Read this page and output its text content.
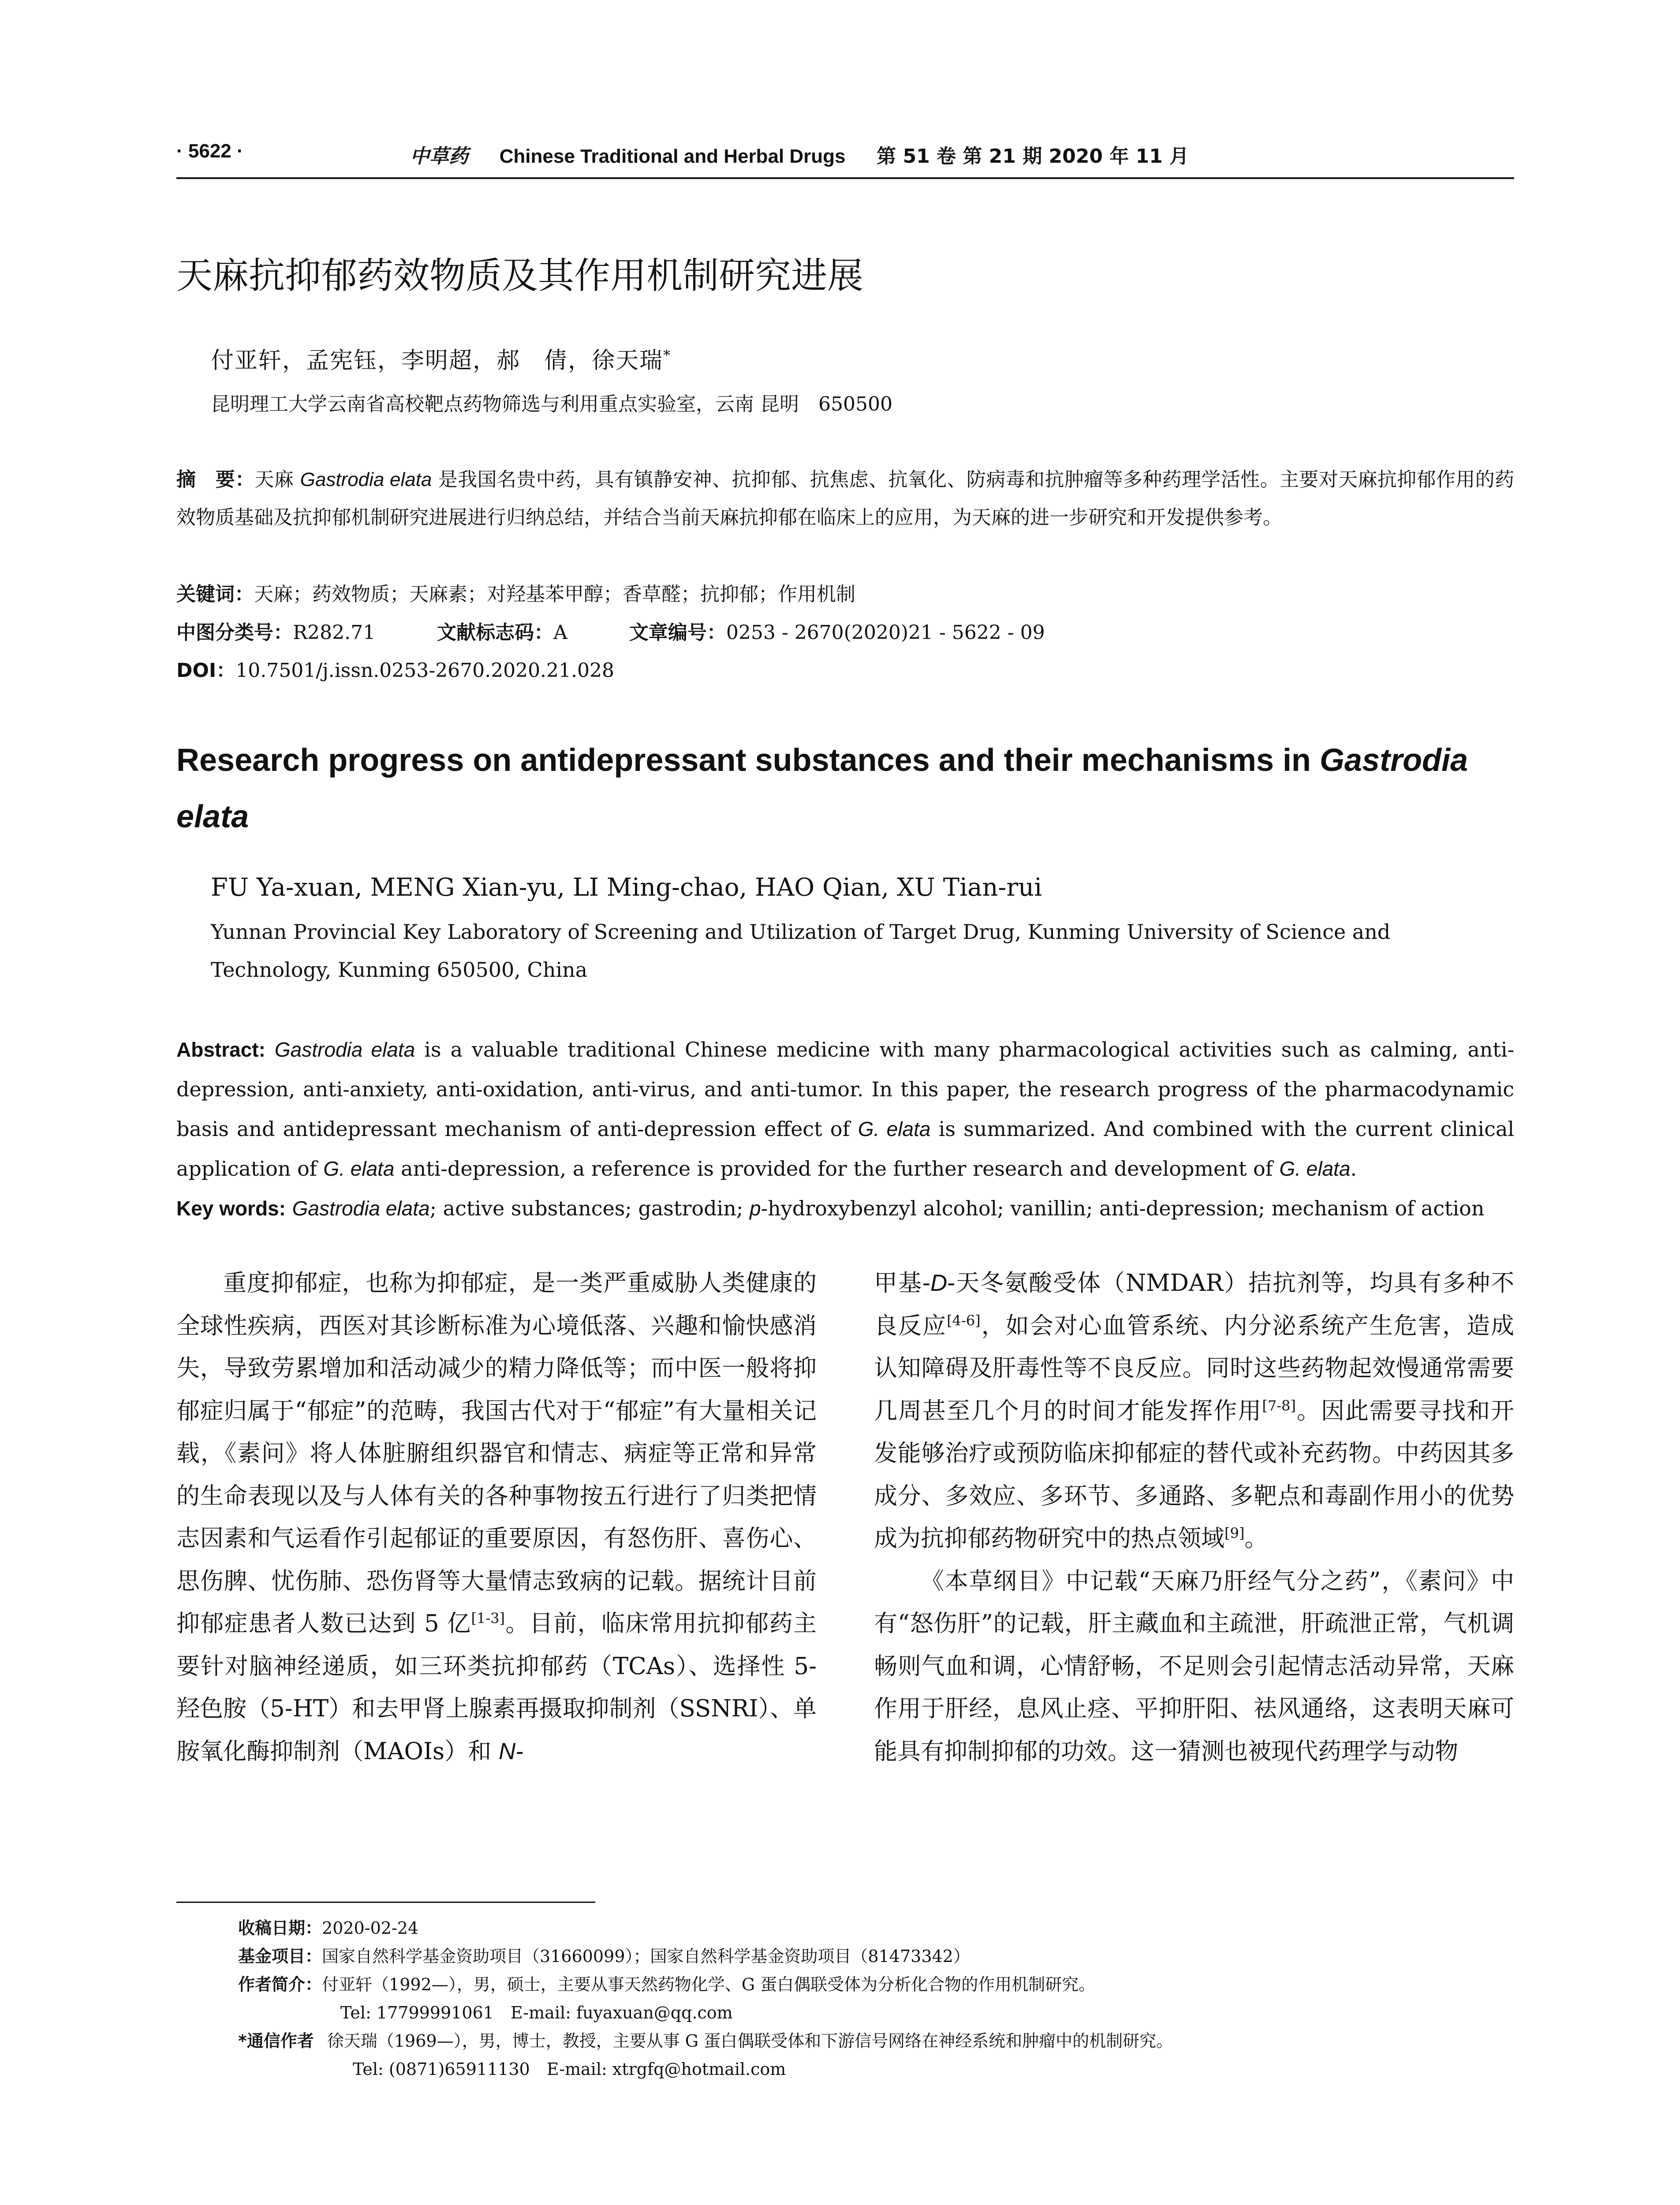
· 5622 ·	中草药 Chinese Traditional and Herbal Drugs 第 51 卷 第 21 期 2020 年 11 月
天麻抗抑郁药效物质及其作用机制研究进展
付亚轩，孟宪钰，李明超，郝　倩，徐天瑞*
昆明理工大学云南省高校靶点药物筛选与利用重点实验室，云南 昆明　650500
摘　要：天麻 Gastrodia elata 是我国名贵中药，具有镇静安神、抗抑郁、抗焦虑、抗氧化、防病毒和抗肿瘤等多种药理学活性。主要对天麻抗抑郁作用的药效物质基础及抗抑郁机制研究进展进行归纳总结，并结合当前天麻抗抑郁在临床上的应用，为天麻的进一步研究和开发提供参考。
关键词：天麻；药效物质；天麻素；对羟基苯甲醇；香草醛；抗抑郁；作用机制
中图分类号：R282.71	文献标志码：A	文章编号：0253 - 2670(2020)21 - 5622 - 09
DOI：10.7501/j.issn.0253-2670.2020.21.028
Research progress on antidepressant substances and their mechanisms in Gastrodia elata
FU Ya-xuan, MENG Xian-yu, LI Ming-chao, HAO Qian, XU Tian-rui
Yunnan Provincial Key Laboratory of Screening and Utilization of Target Drug, Kunming University of Science and Technology, Kunming 650500, China
Abstract: Gastrodia elata is a valuable traditional Chinese medicine with many pharmacological activities such as calming, anti-depression, anti-anxiety, anti-oxidation, anti-virus, and anti-tumor. In this paper, the research progress of the pharmacodynamic basis and antidepressant mechanism of anti-depression effect of G. elata is summarized. And combined with the current clinical application of G. elata anti-depression, a reference is provided for the further research and development of G. elata.
Key words: Gastrodia elata; active substances; gastrodin; p-hydroxybenzyl alcohol; vanillin; anti-depression; mechanism of action

重度抑郁症，也称为抑郁症，是一类严重威胁人类健康的全球性疾病，西医对其诊断标准为心境低落、兴趣和愉快感消失，导致劳累增加和活动减少的精力降低等；而中医一般将抑郁症归属于“郁症”的范畴，我国古代对于“郁症”有大量相关记载，《素问》将人体脏腑组织器官和情志、病症等正常和异常的生命表现以及与人体有关的各种事物按五行进行了归类把情志因素和气运看作引起郁证的重要原因，有怒伤肝、喜伤心、思伤脾、忧伤肺、恐伤肾等大量情志致病的记载。据统计目前抑郁症患者人数已达到 5 亿[1-3]。目前，临床常用抗抑郁药主要针对脑神经递质，如三环类抗抑郁药（TCAs）、选择性 5-羟色胺（5-HT）和去甲肾上腺素再摄取抑制剂（SSNRI）、单胺氧化酶抑制剂（MAOIs）和 N-

甲基-D-天冬氨酸受体（NMDAR）拮抗剂等，均具有多种不良反应[4-6]，如会对心血管系统、内分泌系统产生危害，造成认知障碍及肝毒性等不良反应。同时这些药物起效慢通常需要几周甚至几个月的时间才能发挥作用[7-8]。因此需要寻找和开发能够治疗或预防临床抑郁症的替代或补充药物。中药因其多成分、多效应、多环节、多通路、多靶点和毒副作用小的优势成为抗抑郁药物研究中的热点领域[9]。

《本草纲目》中记载“天麻乃肝经气分之药”，《素问》中有“怒伤肝”的记载，肝主藏血和主疏泄，肝疏泄正常，气机调畅则气血和调，心情舒畅，不足则会引起情志活动异常，天麻作用于肝经，息风止痉、平抑肝阳、祛风通络，这表明天麻可能具有抑制抑郁的功效。这一猜测也被现代药理学与动物

收稿日期：2020-02-24
基金项目：国家自然科学基金资助项目（31660099）；国家自然科学基金资助项目（81473342）
作者简介：付亚轩（1992—），男，硕士，主要从事天然药物化学、G 蛋白偶联受体为分析化合物的作用机制研究。
Tel: 17799991061　E-mail: fuyaxuan@qq.com
*通信作者 徐天瑞（1969—），男，博士，教授，主要从事 G 蛋白偶联受体和下游信号网络在神经系统和肿瘤中的机制研究。
Tel: (0871)65911130　E-mail: xtrgfq@hotmail.com
